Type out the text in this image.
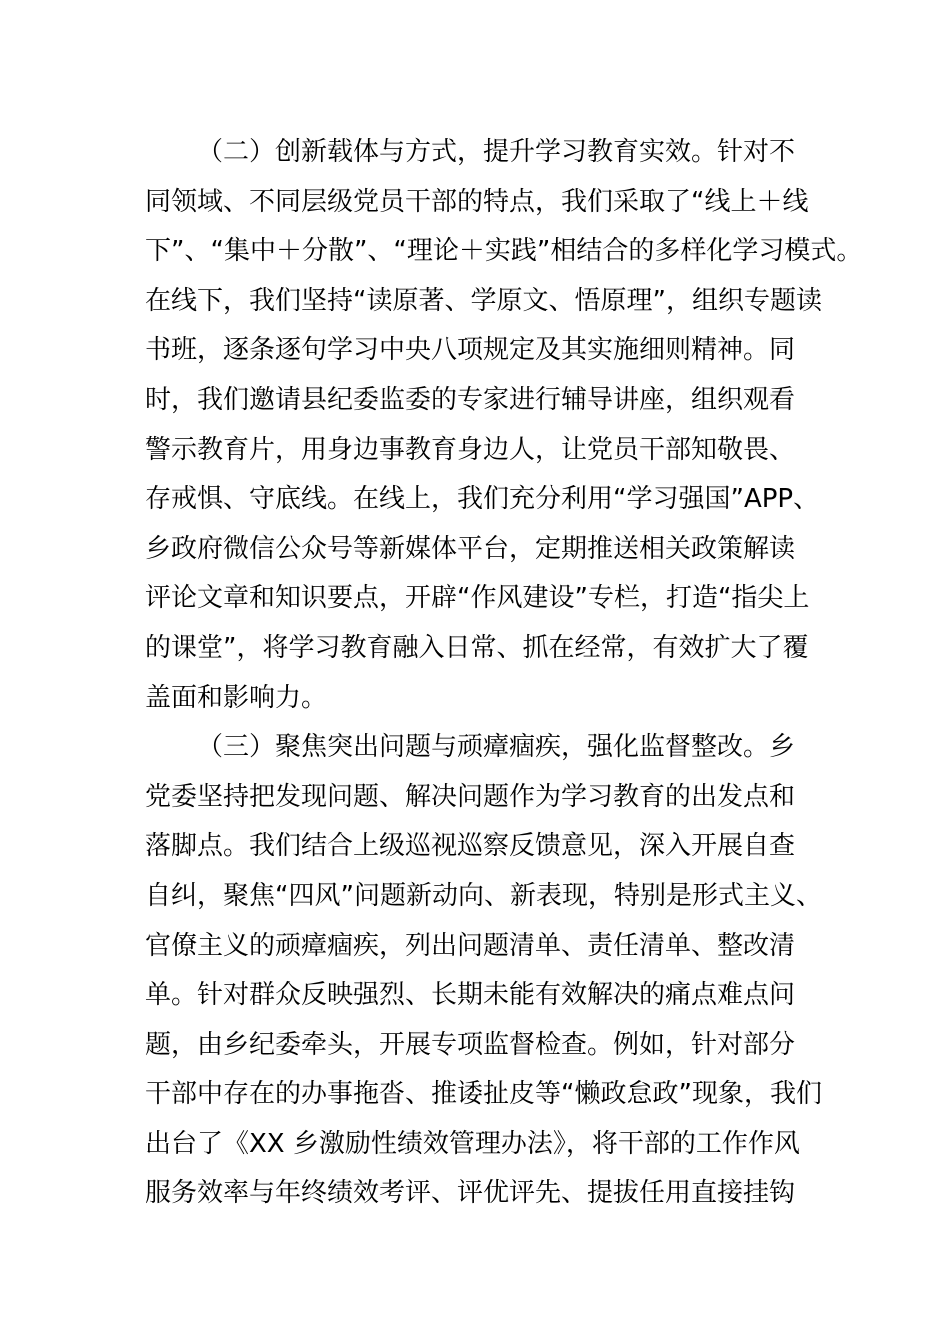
（二）创新载体与方式，提升学习教育实效。针对不
同领域、不同层级党员干部的特点，我们采取了“线上＋线
下”、“集中＋分散”、“理论＋实践”相结合的多样化学习模式。
在线下，我们坚持“读原著、学原文、悟原理”，组织专题读
书班，逐条逐句学习中央八项规定及其实施细则精神。同
时，我们邀请县纪委监委的专家进行辅导讲座，组织观看
警示教育片，用身边事教育身边人，让党员干部知敬畏、
存戒惧、守底线。在线上，我们充分利用“学习强国”APP、
乡政府微信公众号等新媒体平台，定期推送相关政策解读
评论文章和知识要点，开辟“作风建设”专栏，打造“指尖上
的课堂”，将学习教育融入日常、抓在经常，有效扩大了覆
盖面和影响力。
（三）聚焦突出问题与顽瘴痼疾，强化监督整改。乡
党委坚持把发现问题、解决问题作为学习教育的出发点和
落脚点。我们结合上级巡视巡察反馈意见，深入开展自查
自纠，聚焦“四风”问题新动向、新表现，特别是形式主义、
官僚主义的顽瘴痼疾，列出问题清单、责任清单、整改清
单。针对群众反映强烈、长期未能有效解决的痛点难点问
题，由乡纪委牵头，开展专项监督检查。例如，针对部分
干部中存在的办事拖沓、推诿扯皮等“懒政怠政”现象，我们
出台了《XX 乡激励性绩效管理办法》，将干部的工作作风
服务效率与年终绩效考评、评优评先、提拔任用直接挂钩
